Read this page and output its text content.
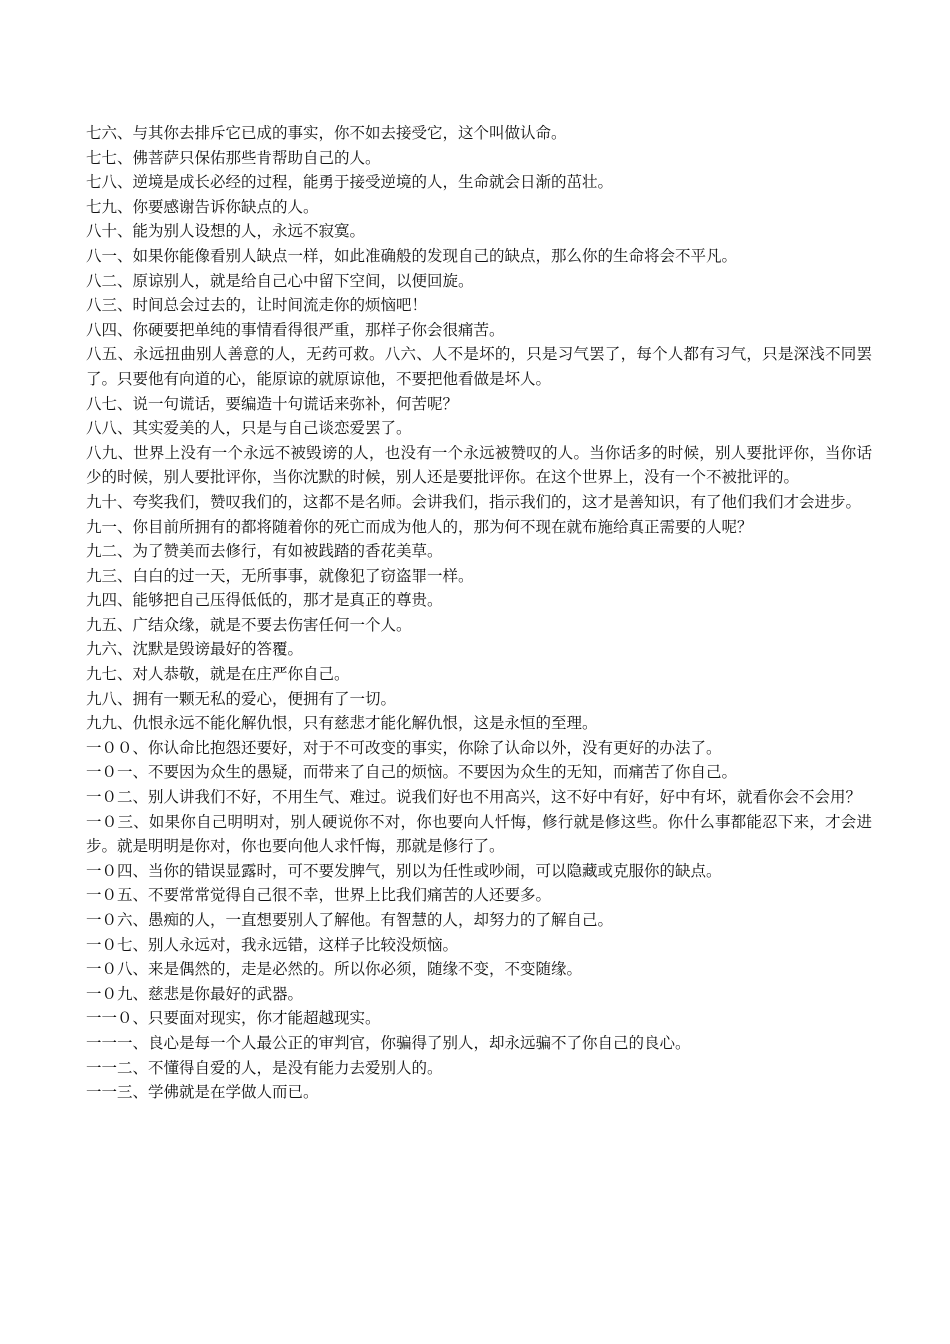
七六、与其你去排斥它已成的事实，你不如去接受它，这个叫做认命。

七七、佛菩萨只保佑那些肯帮助自己的人。

七八、逆境是成长必经的过程，能勇于接受逆境的人，生命就会日渐的茁壮。

七九、你要感谢告诉你缺点的人。

八十、能为别人设想的人，永远不寂寞。

八一、如果你能像看别人缺点一样，如此准确般的发现自己的缺点，那么你的生命将会不平凡。

八二、原谅别人，就是给自己心中留下空间，以便回旋。

八三、时间总会过去的，让时间流走你的烦恼吧！

八四、你硬要把单纯的事情看得很严重，那样子你会很痛苦。

八五、永远扭曲别人善意的人，无药可救。八六、人不是坏的，只是习气罢了，每个人都有习气，只是深浅不同罢了。只要他有向道的心，能原谅的就原谅他，不要把他看做是坏人。

八七、说一句谎话，要编造十句谎话来弥补，何苦呢？

八八、其实爱美的人，只是与自己谈恋爱罢了。

八九、世界上没有一个永远不被毁谤的人，也没有一个永远被赞叹的人。当你话多的时候，别人要批评你，当你话少的时候，别人要批评你，当你沈默的时候，别人还是要批评你。在这个世界上，没有一个不被批评的。

九十、夸奖我们，赞叹我们的，这都不是名师。会讲我们，指示我们的，这才是善知识，有了他们我们才会进步。

九一、你目前所拥有的都将随着你的死亡而成为他人的，那为何不现在就布施给真正需要的人呢？

九二、为了赞美而去修行，有如被践踏的香花美草。

九三、白白的过一天，无所事事，就像犯了窃盗罪一样。

九四、能够把自己压得低低的，那才是真正的尊贵。

九五、广结众缘，就是不要去伤害任何一个人。

九六、沈默是毁谤最好的答覆。

九七、对人恭敬，就是在庄严你自己。

九八、拥有一颗无私的爱心，便拥有了一切。

九九、仇恨永远不能化解仇恨，只有慈悲才能化解仇恨，这是永恒的至理。

一００、你认命比抱怨还要好，对于不可改变的事实，你除了认命以外，没有更好的办法了。

一０一、不要因为众生的愚疑，而带来了自己的烦恼。不要因为众生的无知，而痛苦了你自己。

一０二、别人讲我们不好，不用生气、难过。说我们好也不用高兴，这不好中有好，好中有坏，就看你会不会用？

一０三、如果你自己明明对，别人硬说你不对，你也要向人忏悔，修行就是修这些。你什么事都能忍下来，才会进步。就是明明是你对，你也要向他人求忏悔，那就是修行了。

一０四、当你的错误显露时，可不要发脾气，别以为任性或吵闹，可以隐藏或克服你的缺点。

一０五、不要常常觉得自己很不幸，世界上比我们痛苦的人还要多。

一０六、愚痴的人，一直想要别人了解他。有智慧的人，却努力的了解自己。

一０七、别人永远对，我永远错，这样子比较没烦恼。

一０八、来是偶然的，走是必然的。所以你必须，随缘不变，不变随缘。

一０九、慈悲是你最好的武器。

一一０、只要面对现实，你才能超越现实。

一一一、良心是每一个人最公正的审判官，你骗得了别人，却永远骗不了你自己的良心。

一一二、不懂得自爱的人，是没有能力去爱别人的。

一一三、学佛就是在学做人而已。
